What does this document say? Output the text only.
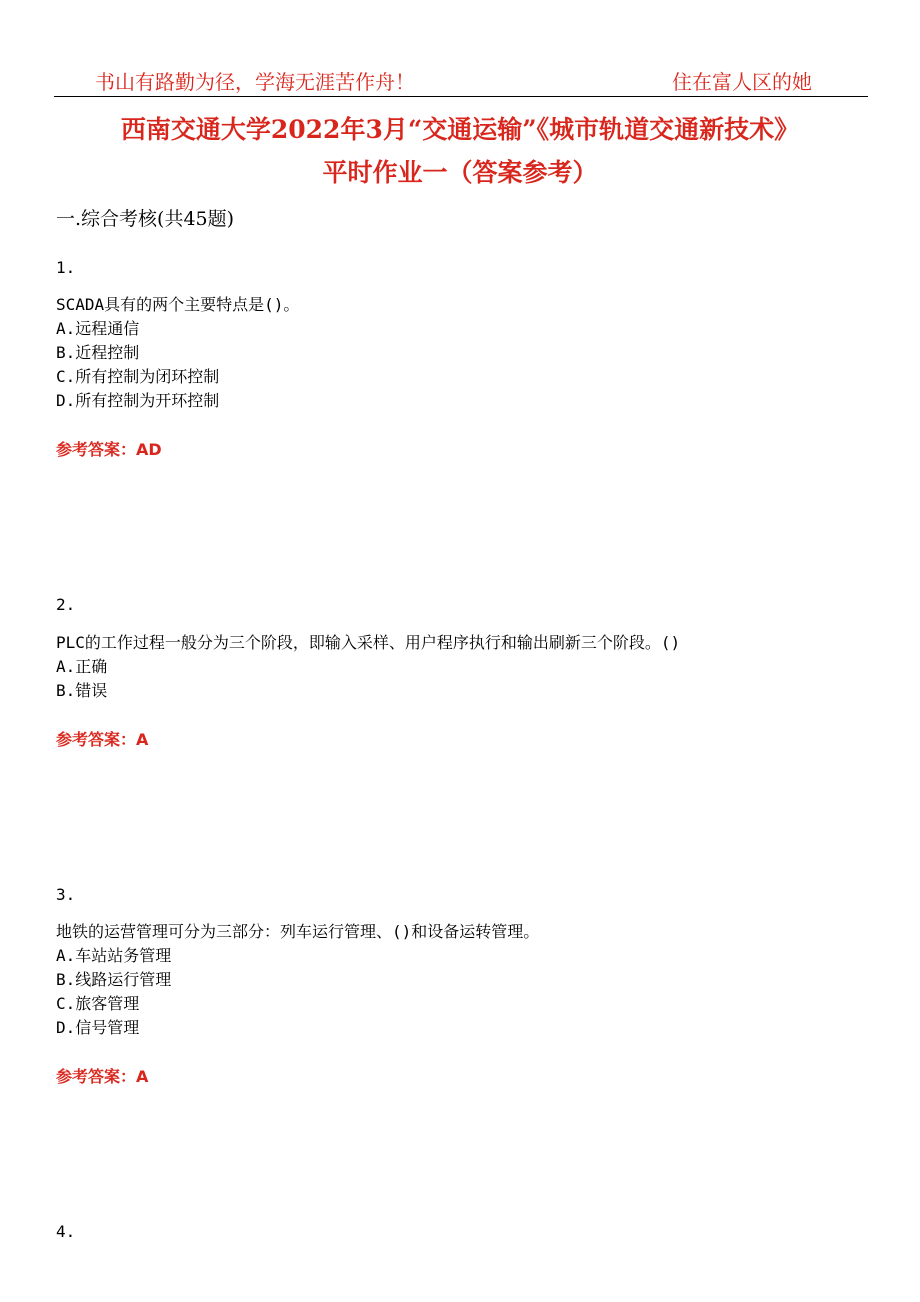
书山有路勤为径，学海无涯苦作舟！	住在富人区的她
西南交通大学2022年3月“交通运输”《城市轨道交通新技术》
平时作业一（答案参考）
一.综合考核(共45题)
1.
SCADA具有的两个主要特点是()。
A.远程通信
B.近程控制
C.所有控制为闭环控制
D.所有控制为开环控制
参考答案：AD
2.
PLC的工作过程一般分为三个阶段，即输入采样、用户程序执行和输出刷新三个阶段。()
A.正确
B.错误
参考答案：A
3.
地铁的运营管理可分为三部分：列车运行管理、()和设备运转管理。
A.车站站务管理
B.线路运行管理
C.旅客管理
D.信号管理
参考答案：A
4.
